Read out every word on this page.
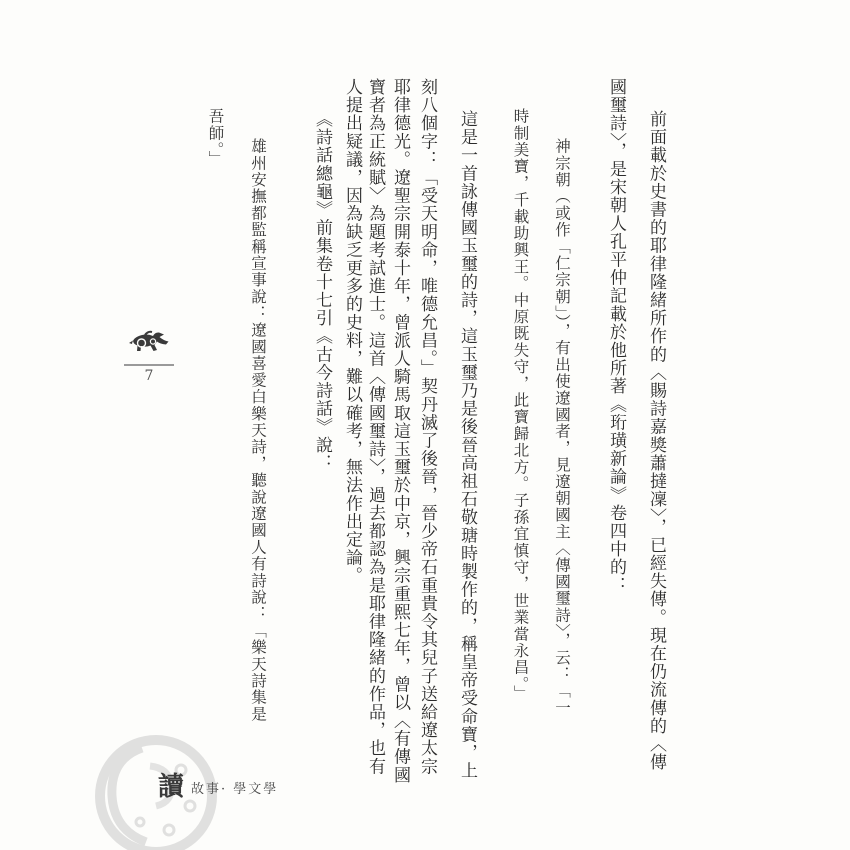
前面載於史書的耶律隆緒所作的〈賜詩嘉獎蕭撻凜〉，已經失傳。現在仍流傳的〈傳
國璽詩〉，是宋朝人孔平仲記載於他所著《珩璜新論》卷四中的：
神宗朝（或作「仁宗朝」），有出使遼國者，見遼朝國主〈傳國璽詩〉，云：「一
時制美寶，千載助興王。中原既失守，此寶歸北方。子孫宜慎守，世業當永昌。」
這是一首詠傳國玉璽的詩，這玉璽乃是後晉高祖石敬瑭時製作的，稱皇帝受命寶，上
刻八個字：「受天明命，唯德允昌。」契丹滅了後晉，晉少帝石重貴令其兒子送給遼太宗
耶律德光。遼聖宗開泰十年，曾派人騎馬取這玉璽於中京，興宗重熙七年，曾以〈有傳國
寶者為正統賦〉為題考試進士。這首〈傳國璽詩〉，過去都認為是耶律隆緒的作品，也有
人提出疑議，因為缺乏更多的史料，難以確考，無法作出定論。
《詩話總龜》前集卷十七引《古今詩話》說：
雄州安撫都監稱宣事說：遼國喜愛白樂天詩，聽說遼國人有詩說：「樂天詩集是
吾師。」
7
讀 故事· 學文學
